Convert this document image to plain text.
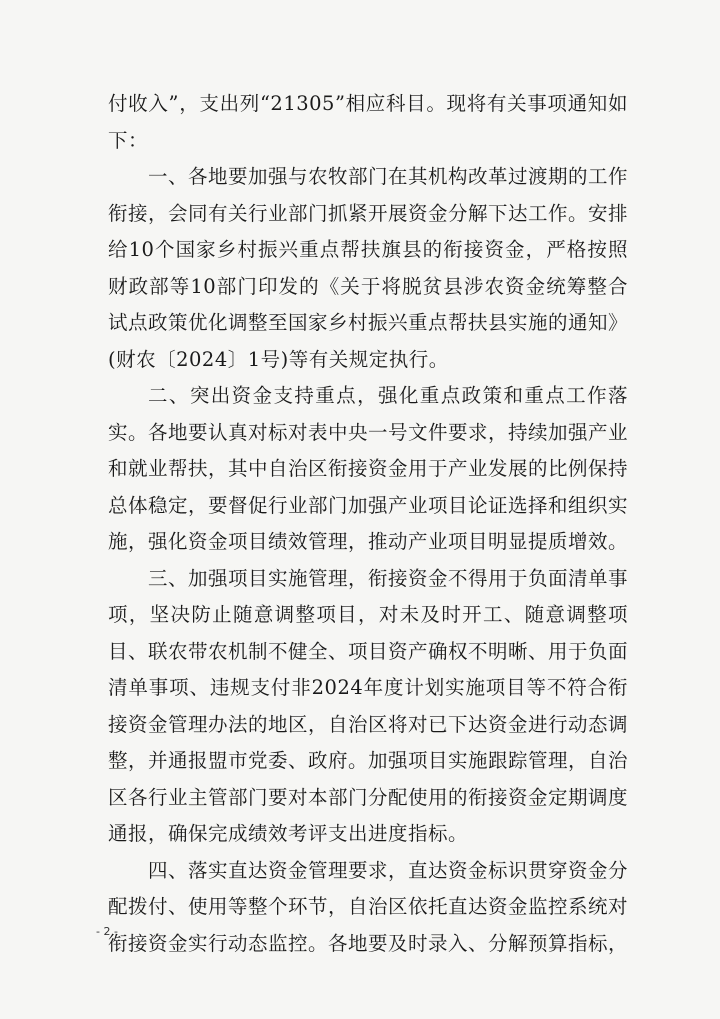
付收入”，支出列“21305”相应科目。现将有关事项通知如下：

一、各地要加强与农牧部门在其机构改革过渡期的工作衔接，会同有关行业部门抓紧开展资金分解下达工作。安排给10个国家乡村振兴重点帮扶旗县的衔接资金，严格按照财政部等10部门印发的《关于将脱贫县涉农资金统筹整合试点政策优化调整至国家乡村振兴重点帮扶县实施的通知》(财农〔2024〕1号)等有关规定执行。

二、突出资金支持重点，强化重点政策和重点工作落实。各地要认真对标对表中央一号文件要求，持续加强产业和就业帮扶，其中自治区衔接资金用于产业发展的比例保持总体稳定，要督促行业部门加强产业项目论证选择和组织实施，强化资金项目绩效管理，推动产业项目明显提质增效。

三、加强项目实施管理，衔接资金不得用于负面清单事项，坚决防止随意调整项目，对未及时开工、随意调整项目、联农带农机制不健全、项目资产确权不明晰、用于负面清单事项、违规支付非2024年度计划实施项目等不符合衔接资金管理办法的地区，自治区将对已下达资金进行动态调整，并通报盟市党委、政府。加强项目实施跟踪管理，自治区各行业主管部门要对本部门分配使用的衔接资金定期调度通报，确保完成绩效考评支出进度指标。

四、落实直达资金管理要求，直达资金标识贯穿资金分配拨付、使用等整个环节，自治区依托直达资金监控系统对衔接资金实行动态监控。各地要及时录入、分解预算指标，

- 2 -
